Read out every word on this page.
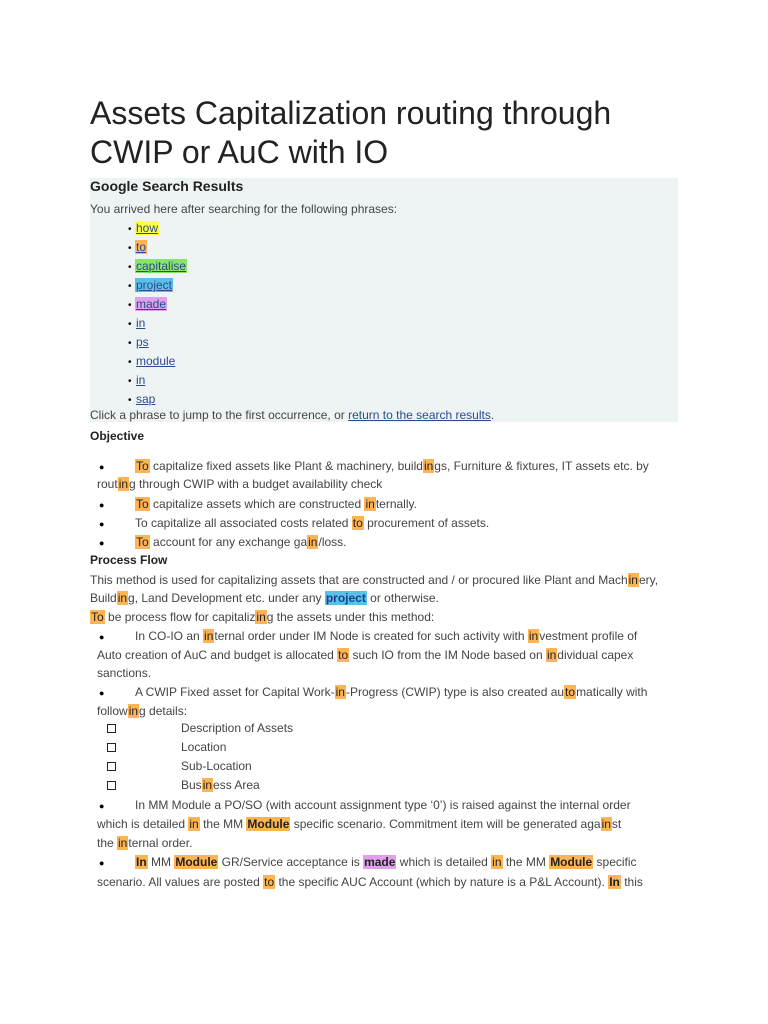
Assets Capitalization routing through CWIP or AuC with IO
Google Search Results
You arrived here after searching for the following phrases:
• how
• to
• capitalise
• project
• made
• in
• ps
• module
• in
• sap
Click a phrase to jump to the first occurrence, or return to the search results.
Objective
●	To capitalize fixed assets like Plant & machinery, buildings, Furniture & fixtures, IT assets etc. by
routing through CWIP with a budget availability check
●	To capitalize assets which are constructed internally.
●	To capitalize all associated costs related to procurement of assets.
●	To account for any exchange gain/loss.
Process Flow
This method is used for capitalizing assets that are constructed and / or procured like Plant and Machinery,
Building, Land Development etc. under any project or otherwise.
To be process flow for capitalizing the assets under this method:
●	In CO-IO an internal order under IM Node is created for such activity with investment profile of
Auto creation of AuC and budget is allocated to such IO from the IM Node based on individual capex
sanctions.
●	A CWIP Fixed asset for Capital Work-in-Progress (CWIP) type is also created automatically with
following details:
Description of Assets
Location
Sub-Location
Business Area
●	In MM Module a PO/SO (with account assignment type ‘0’) is raised against the internal order
which is detailed in the MM Module specific scenario. Commitment item will be generated against
the internal order.
●	In MM Module GR/Service acceptance is made which is detailed in the MM Module specific
scenario. All values are posted to the specific AUC Account (which by nature is a P&L Account). In this
